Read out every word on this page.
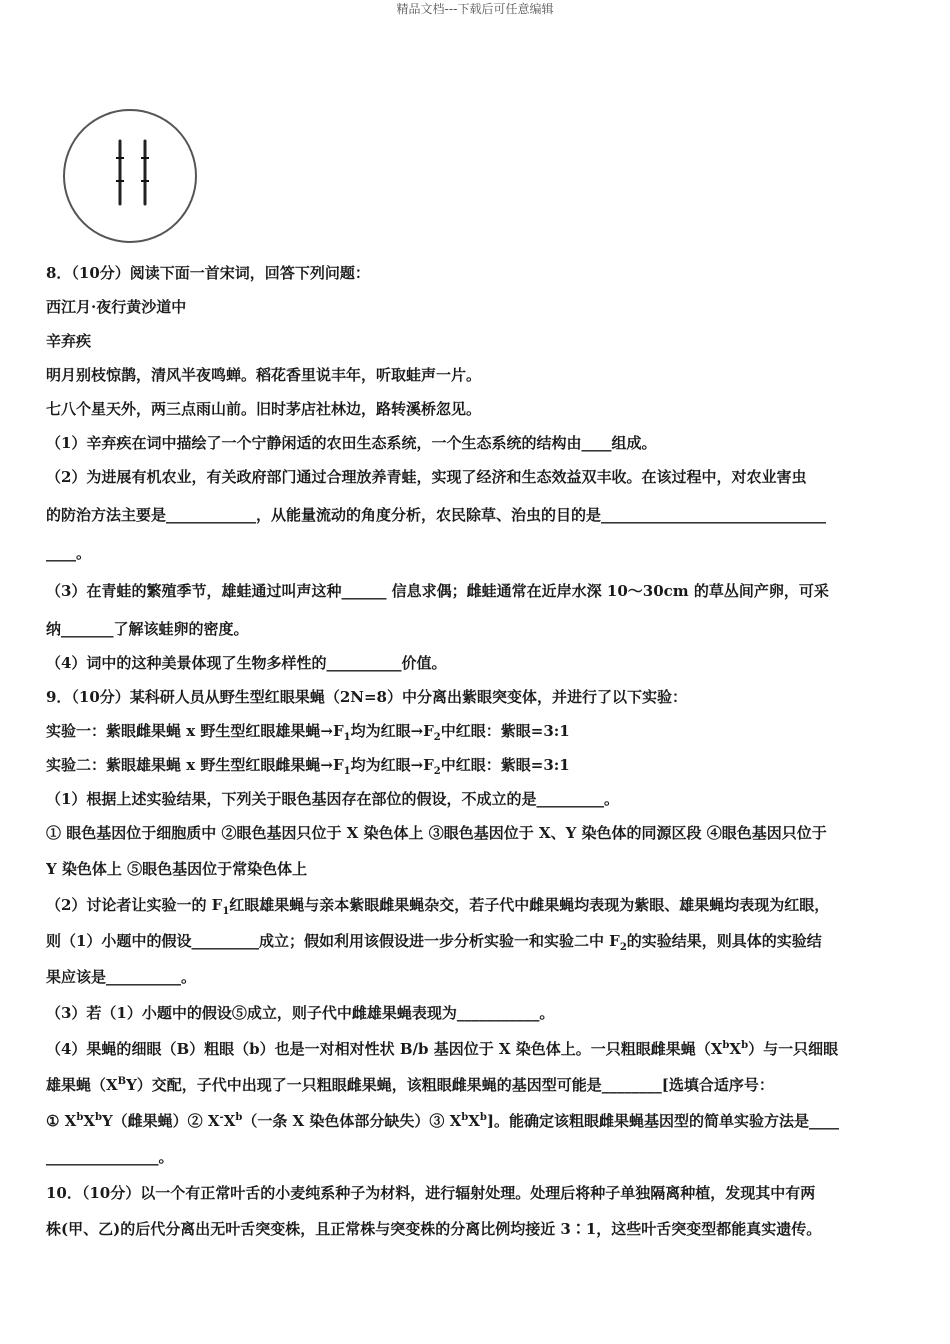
精品文档---下载后可任意编辑
8．（10分）阅读下面一首宋词，回答下列问题：
西江月·夜行黄沙道中
辛弃疾
明月别枝惊鹊，清风半夜鸣蝉。稻花香里说丰年，听取蛙声一片。
七八个星天外，两三点雨山前。旧时茅店社林边，路转溪桥忽见。
（1）辛弃疾在词中描绘了一个宁静闲适的农田生态系统，一个生态系统的结构由____组成。
（2）为进展有机农业，有关政府部门通过合理放养青蛙，实现了经济和生态效益双丰收。在该过程中，对农业害虫
的防治方法主要是____________，从能量流动的角度分析，农民除草、治虫的目的是______________________________
____。
（3）在青蛙的繁殖季节，雄蛙通过叫声这种______ 信息求偶；雌蛙通常在近岸水深 10～30cm 的草丛间产卵，可采
纳_______了解该蛙卵的密度。
（4）词中的这种美景体现了生物多样性的__________价值。
9．（10分）某科研人员从野生型红眼果蝇（2N=8）中分离出紫眼突变体，并进行了以下实验：
实验一：紫眼雌果蝇 x 野生型红眼雄果蝇$\to F_1$均为红眼$\to F_2$中红眼：紫眼=3:1
实验二：紫眼雄果蝇 x 野生型红眼雌果蝇$\to F_1$均为红眼$\to F_2$中红眼：紫眼=3:1
（1）根据上述实验结果，下列关于眼色基因存在部位的假设，不成立的是_________。
① 眼色基因位于细胞质中 ②眼色基因只位于 X 染色体上 ③眼色基因位于 X、Y 染色体的同源区段 ④眼色基因只位于
Y 染色体上 ⑤眼色基因位于常染色体上
（2）讨论者让实验一的 $F_1$红眼雄果蝇与亲本紫眼雌果蝇杂交，若子代中雌果蝇均表现为紫眼、雄果蝇均表现为红眼，
则（1）小题中的假设_________成立；假如利用该假设进一步分析实验一和实验二中 $F_2$的实验结果，则具体的实验结
果应该是__________。
（3）若（1）小题中的假设⑤成立，则子代中雌雄果蝇表现为___________。
（4）果蝇的细眼（B）粗眼（b）也是一对相对性状 B/b 基因位于 X 染色体上。一只粗眼雌果蝇$(X^bX^b)$与一只细眼
雄果蝇$(X^BY)$交配，子代中出现了一只粗眼雌果蝇，该粗眼雌果蝇的基因型可能是________[选填合适序号：
① $X^bX^bY$（雌果蝇）② $X^-X^b$（一条 X 染色体部分缺失）③ $X^bX^b$]。能确定该粗眼雌果蝇基因型的简单实验方法是____
_______________。
10．（10分）以一个有正常叶舌的小麦纯系种子为材料，进行辐射处理。处理后将种子单独隔离种植，发现其中有两
株(甲、乙)的后代分离出无叶舌突变株，且正常株与突变株的分离比例均接近 3∶1，这些叶舌突变型都能真实遗传。
